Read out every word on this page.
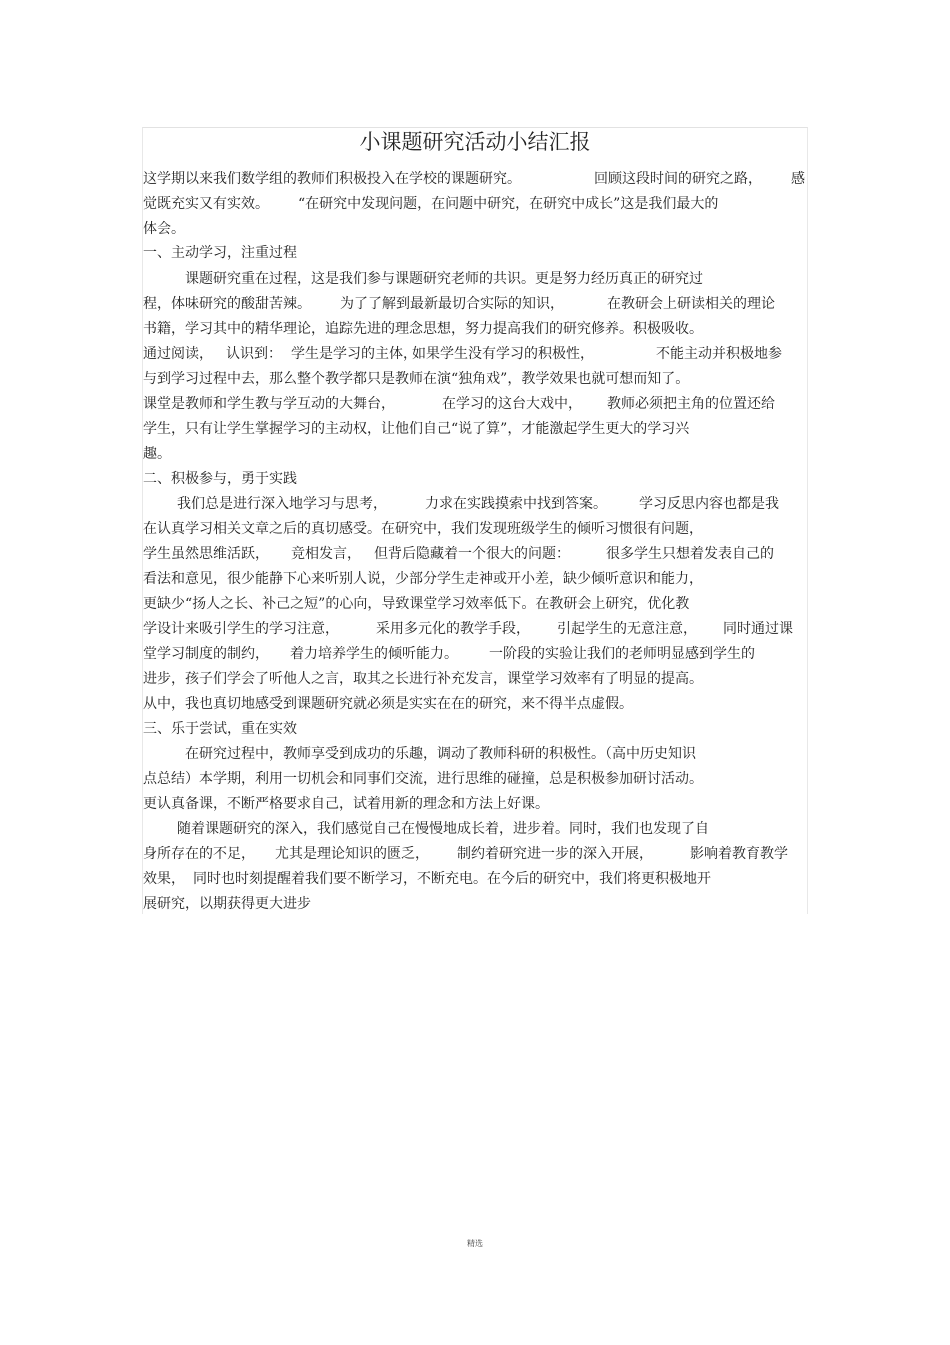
小课题研究活动小结汇报
这学期以来我们数学组的教师们积极投入在学校的课题研究。	回顾这段时间的研究之路， 感
觉既充实又有实效。 “在研究中发现问题，在问题中研究，在研究中成长”这是我们最大的
体会。
一、主动学习，注重过程
课题研究重在过程，这是我们参与课题研究老师的共识。更是努力经历真正的研究过
程，体味研究的酸甜苦辣。 为了了解到最新最切合实际的知识，	在教研会上研读相关的理论
书籍，学习其中的精华理论，追踪先进的理念思想，努力提高我们的研究修养。积极吸收。
通过阅读， 认识到： 学生是学习的主体，
如果学生没有学习的积极性，	不能主动并积极地参
与到学习过程中去，那么整个教学都只是教师在演“独角戏”，教学效果也就可想而知了。
课堂是教师和学生教与学互动的大舞台，	在学习的这台大戏中， 教师必须把主角的位置还给
学生，只有让学生掌握学习的主动权，让他们自己“说了算”，才能激起学生更大的学习兴
趣。
二、积极参与，勇于实践
我们总是进行深入地学习与思考，	力求在实践摸索中找到答案。 学习反思内容也都是我
在认真学习相关文章之后的真切感受。在研究中，我们发现班级学生的倾听习惯很有问题，
学生虽然思维活跃， 竞相发言， 但背后隐藏着一个很大的问题：	很多学生只想着发表自己的
看法和意见，很少能静下心来听别人说，少部分学生走神或开小差，缺少倾听意识和能力，
更缺少“扬人之长、补己之短”的心向，导致课堂学习效率低下。在教研会上研究，优化教
学设计来吸引学生的学习注意，	采用多元化的教学手段， 引起学生的无意注意， 同时通过课
堂学习制度的制约， 着力培养学生的倾听能力。 一阶段的实验让我们的老师明显感到学生的
进步，孩子们学会了听他人之言，取其之长进行补充发言，课堂学习效率有了明显的提高。
从中，我也真切地感受到课题研究就必须是实实在在的研究，来不得半点虚假。
三、乐于尝试，重在实效
在研究过程中，教师享受到成功的乐趣，调动了教师科研的积极性。（高中历史知识
点总结）本学期，利用一切机会和同事们交流，进行思维的碰撞，总是积极参加研讨活动。
更认真备课，不断严格要求自己，试着用新的理念和方法上好课。
随着课题研究的深入，我们感觉自己在慢慢地成长着，进步着。同时，我们也发现了自
身所存在的不足， 尤其是理论知识的匮乏， 制约着研究进一步的深入开展，	影响着教育教学
效果， 同时也时刻提醒着我们要不断学习，不断充电。在今后的研究中，我们将更积极地开
展研究，以期获得更大进步
精选
